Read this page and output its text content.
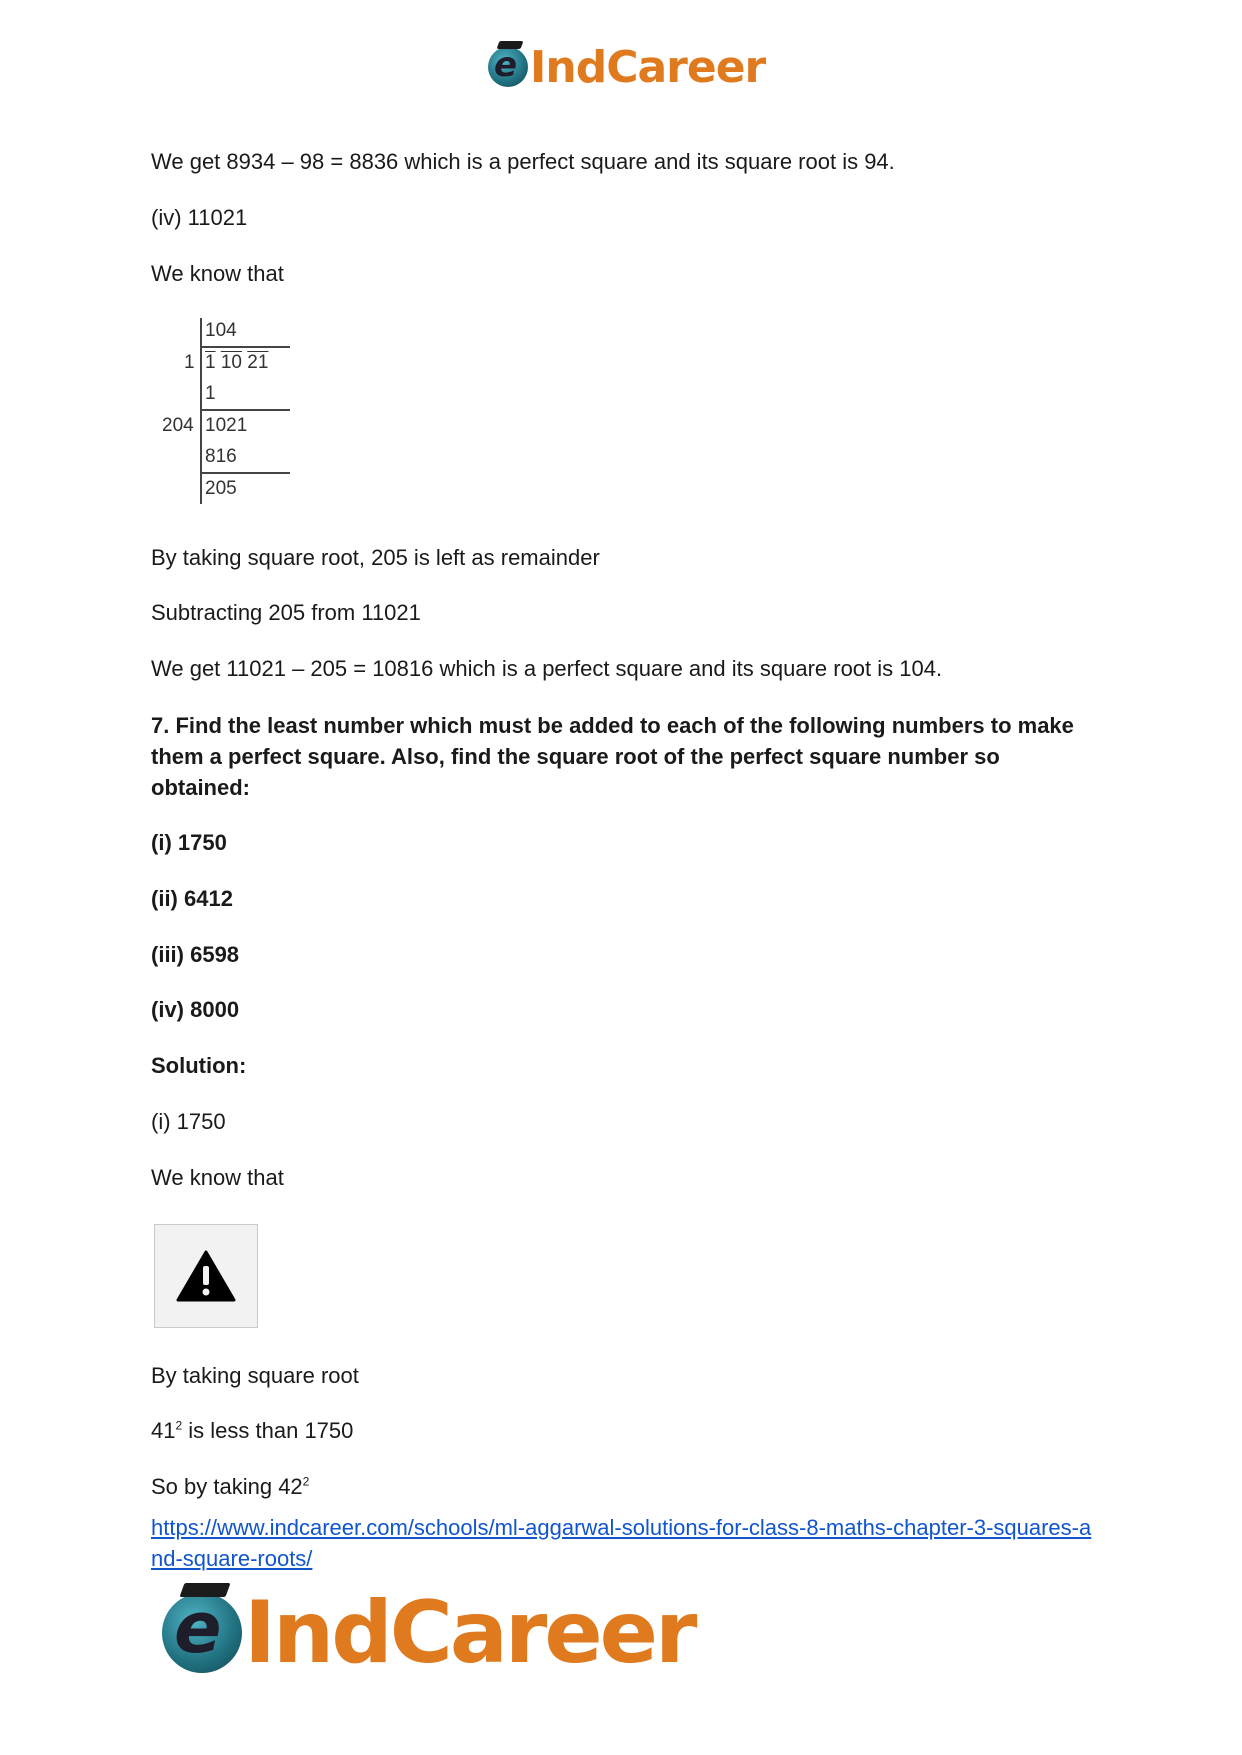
e IndCareer
We get 8934 – 98 = 8836 which is a perfect square and its square root is 94.
(iv) 11021
We know that
104
1 1 10 21
1
204 1021
816
205
By taking square root, 205 is left as remainder
Subtracting 205 from 11021
We get 11021 – 205 = 10816 which is a perfect square and its square root is 104.
7. Find the least number which must be added to each of the following numbers to make them a perfect square. Also, find the square root of the perfect square number so obtained:
(i) 1750
(ii) 6412
(iii) 6598
(iv) 8000
Solution:
(i) 1750
We know that
By taking square root
$41^2$ is less than 1750
So by taking $42^2$
https://www.indcareer.com/schools/ml-aggarwal-solutions-for-class-8-maths-chapter-3-squares-and-square-roots/
e IndCareer
